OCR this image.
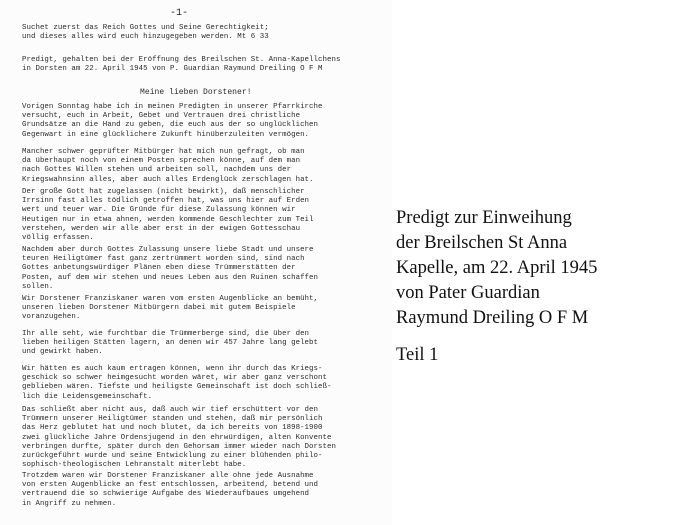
-1-
Suchet zuerst das Reich Gottes und Seine Gerechtigkeit;
und dieses alles wird euch hinzugegeben werden. Mt 6 33
Predigt, gehalten bei der Eröffnung des Breilschen St. Anna-Kapellchens
in Dorsten am 22. April 1945 von P. Guardian Raymund Dreiling O F M
Meine lieben Dorstener!
Vorigen Sonntag habe ich in meinen Predigten in unserer Pfarrkirche
versucht, euch in Arbeit, Gebet und Vertrauen drei christliche
Grundsätze an die Hand zu geben, die euch aus der so unglücklichen
Gegenwart in eine glücklichere Zukunft hinüberzuleiten vermögen.
Mancher schwer geprüfter Mitbürger hat mich nun gefragt, ob man
da überhaupt noch von einem Posten sprechen könne, auf dem man
nach Gottes Willen stehen und arbeiten soll, nachdem uns der
Kriegswahnsinn alles, aber auch alles Erdenglück zerschlagen hat.
Der große Gott hat zugelassen (nicht bewirkt), daß menschlicher
Irrsinn fast alles tödlich getroffen hat, was uns hier auf Erden
wert und teuer war. Die Gründe für diese Zulassung können wir
Heutigen nur in etwa ahnen, werden kommende Geschlechter zum Teil
verstehen, werden wir alle aber erst in der ewigen Gottesschau
völlig erfassen.
Nachdem aber durch Gottes Zulassung unsere liebe Stadt und unsere
teuren Heiligtümer fast ganz zertrümmert worden sind, sind nach
Gottes anbetungswürdiger Plänen eben diese Trümmerstätten der
Posten, auf dem wir stehen und neues Leben aus den Ruinen schaffen
sollen.
Wir Dorstener Franziskaner waren vom ersten Augenblicke an bemüht,
unseren lieben Dorstener Mitbürgern dabei mit gutem Beispiele
voranzugehen.
Ihr alle seht, wie furchtbar die Trümmerberge sind, die über den
lieben heiligen Stätten lagern, an denen wir 457 Jahre lang gelebt
und gewirkt haben.
Wir hätten es auch kaum ertragen können, wenn ihr durch das Kriegs-
geschick so schwer heimgesucht worden wäret, wir aber ganz verschont
geblieben wären. Tiefste und heiligste Gemeinschaft ist doch schließ-
lich die Leidensgemeinschaft.
Das schließt aber nicht aus, daß auch wir tief erschüttert vor den
Trümmern unserer Heiligtümer standen und stehen, daß mir persönlich
das Herz geblutet hat und noch blutet, da ich bereits von 1898-1900
zwei glückliche Jahre Ordensjugend in den ehrwürdigen, alten Konvente
verbringen durfte, später durch den Gehorsam immer wieder nach Dorsten
zurückgeführt wurde und seine Entwicklung zu einer blühenden philo-
sophisch-theologischen Lehranstalt miterlebt habe.
Trotzdem waren wir Dorstener Franziskaner alle ohne jede Ausnahme
von ersten Augenblicke an fest entschlossen, arbeitend, betend und
vertrauend die so schwierige Aufgabe des Wiederaufbaues umgehend
in Angriff zu nehmen.
Predigt zur Einweihung
der Breilschen St Anna
Kapelle, am 22. April 1945
von Pater Guardian
Raymund Dreiling O F M
Teil 1
